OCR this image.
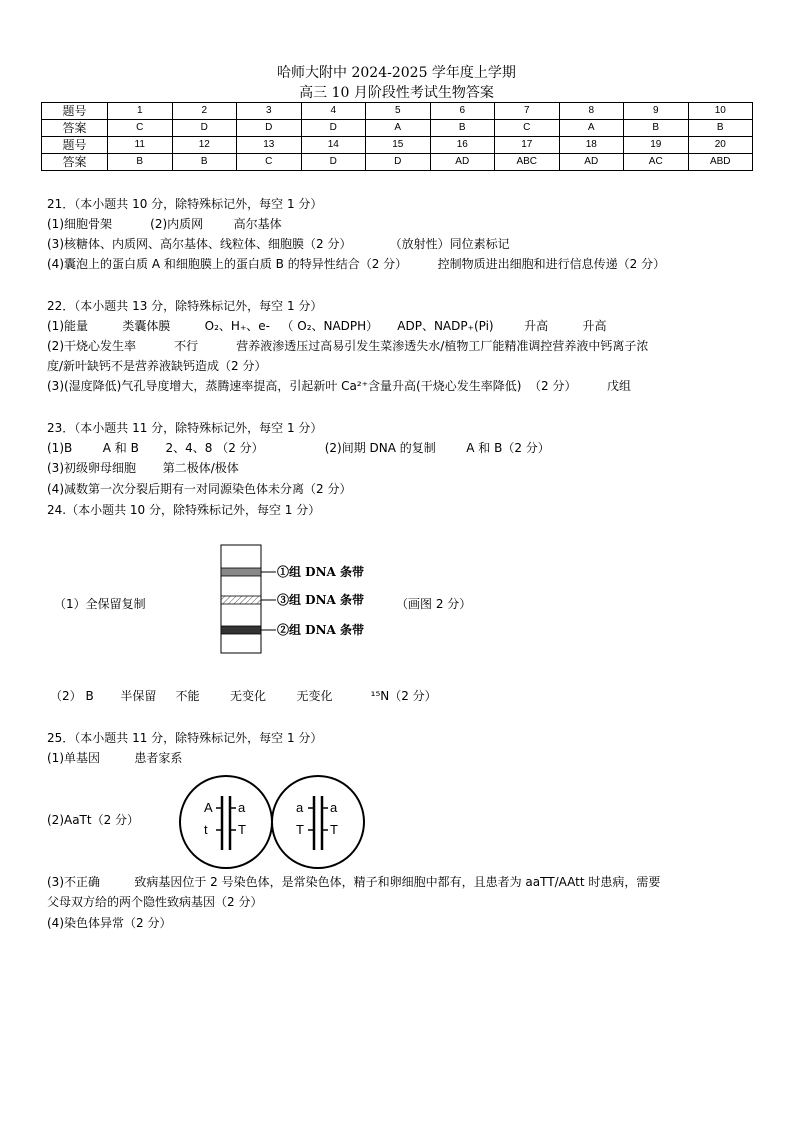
哈师大附中 2024-2025 学年度上学期
高三 10 月阶段性考试生物答案
题号	1	2	3	4	5	6	7	8	9	10
答案	C	D	D	D	A	B	C	A	B	B
题号	11	12	13	14	15	16	17	18	19	20
答案	B	B	C	D	D	AD	ABC	AD	AC	ABD
21．（本小题共 10 分，除特殊标记外，每空 1 分）
(1)细胞骨架          (2)内质网        高尔基体
(3)核糖体、内质网、高尔基体、线粒体、细胞膜（2 分）          （放射性）同位素标记
(4)囊泡上的蛋白质 A 和细胞膜上的蛋白质 B 的特异性结合（2 分）        控制物质进出细胞和进行信息传递（2 分）
22．（本小题共 13 分，除特殊标记外，每空 1 分）
(1)能量         类囊体膜         O₂、H₊、e-   （ O₂、NADPH）     ADP、NADP₊(Pi)        升高         升高
(2)干烧心发生率          不行          营养液渗透压过高易引发生菜渗透失水/植物工厂能精准调控营养液中钙离子浓
度/新叶缺钙不是营养液缺钙造成（2 分）
(3)(湿度降低)气孔导度增大，蒸腾速率提高，引起新叶 Ca²⁺含量升高(干烧心发生率降低)  （2 分）        戊组
23．（本小题共 11 分，除特殊标记外，每空 1 分）
(1)B        A 和 B       2、4、8 （2 分）                (2)间期 DNA 的复制        A 和 B（2 分）
(3)初级卵母细胞       第二极体/极体
(4)减数第一次分裂后期有一对同源染色体未分离（2 分）
24.（本小题共 10 分，除特殊标记外，每空 1 分）
（1）全保留复制
①组 DNA 条带
③组 DNA 条带
②组 DNA 条带
（画图 2 分）
（2） B       半保留     不能        无变化        无变化          ¹⁵N（2 分）
25．（本小题共 11 分，除特殊标记外，每空 1 分）
(1)单基因         患者家系
(2)AaTt（2 分）
A
t
a
T
a
T
a
T
(3)不正确         致病基因位于 2 号染色体，是常染色体，精子和卵细胞中都有，且患者为 aaTT/AAtt 时患病，需要
父母双方给的两个隐性致病基因（2 分）
(4)染色体异常（2 分）
